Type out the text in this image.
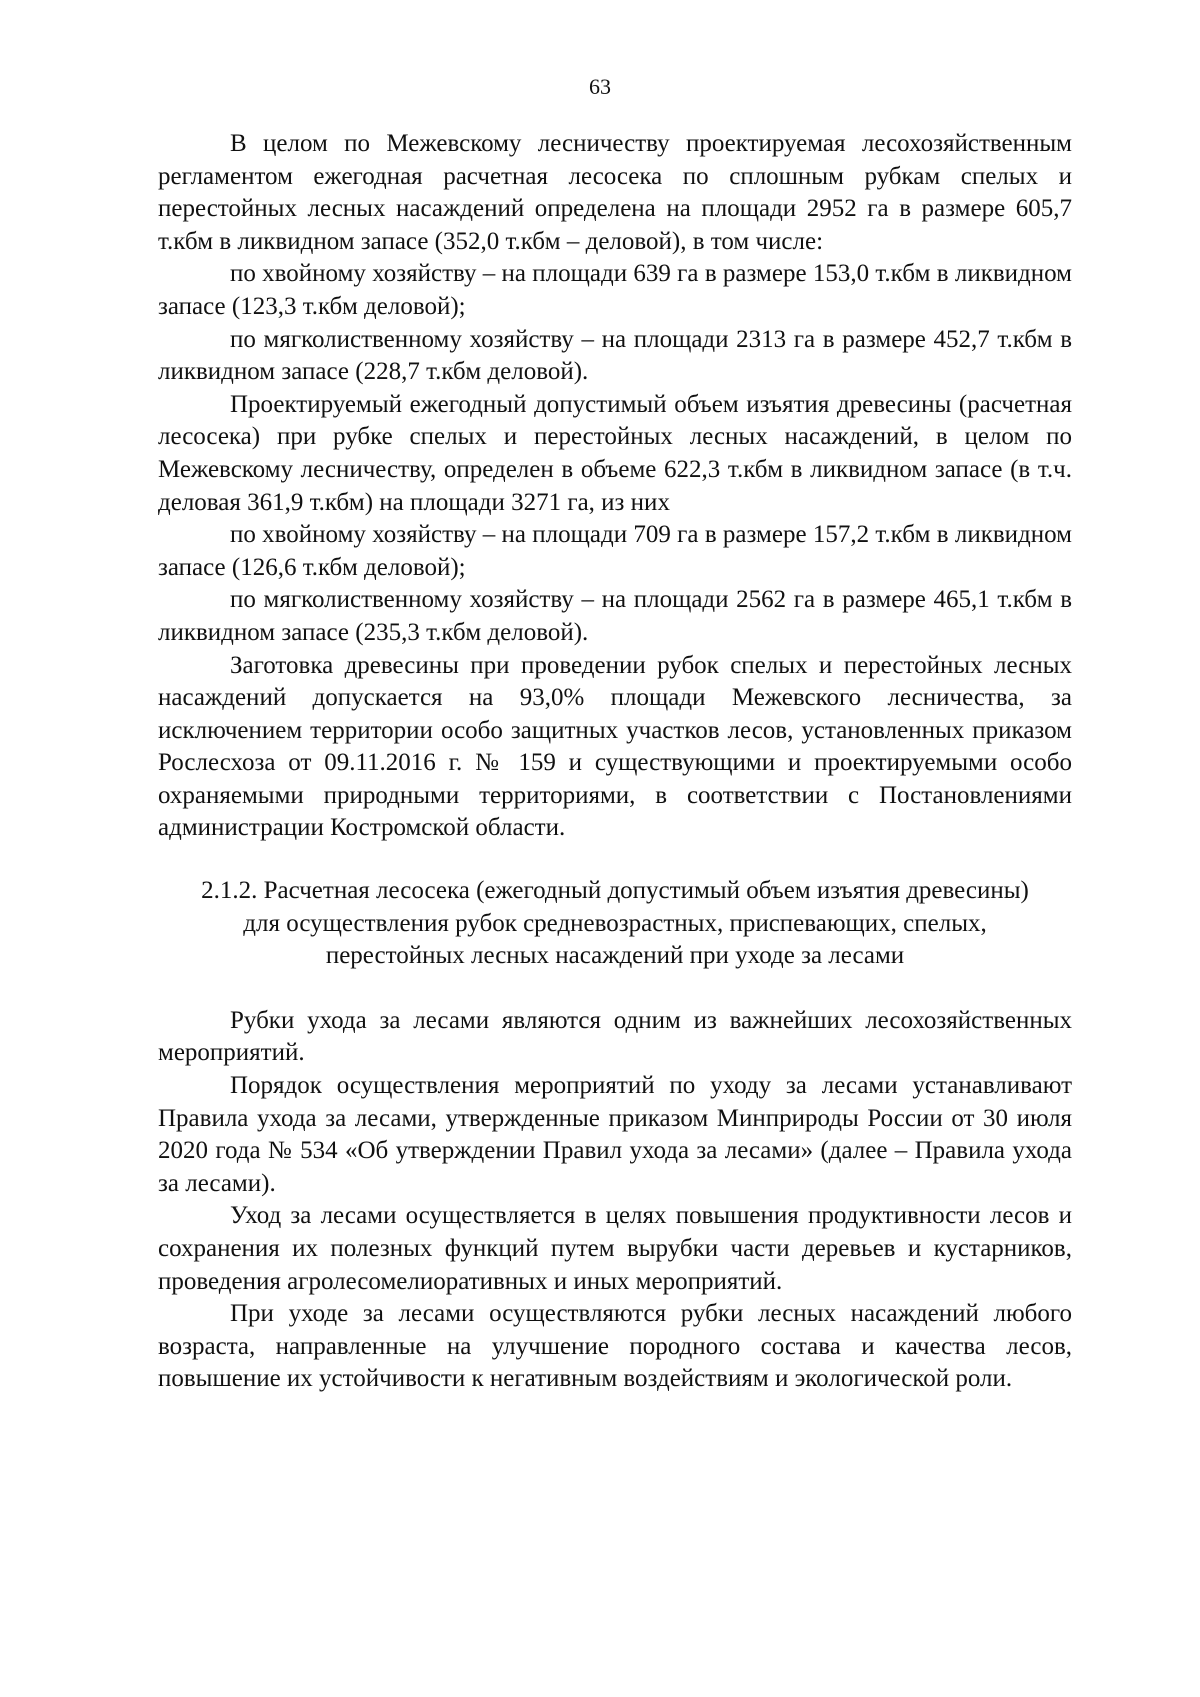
63

В целом по Межевскому лесничеству проектируемая лесохозяйственным регламентом ежегодная расчетная лесосека по сплошным рубкам спелых и перестойных лесных насаждений определена на площади 2952 га в размере 605,7 т.кбм в ликвидном запасе (352,0 т.кбм – деловой), в том числе:

по хвойному хозяйству – на площади 639 га в размере 153,0 т.кбм в ликвидном запасе (123,3 т.кбм деловой);

по мягколиственному хозяйству – на площади 2313 га в размере 452,7 т.кбм в ликвидном запасе (228,7 т.кбм деловой).

Проектируемый ежегодный допустимый объем изъятия древесины (расчетная лесосека) при рубке спелых и перестойных лесных насаждений, в целом по Межевскому лесничеству, определен в объеме 622,3 т.кбм в ликвидном запасе (в т.ч. деловая 361,9 т.кбм) на площади 3271 га, из них

по хвойному хозяйству – на площади 709 га в размере 157,2 т.кбм в ликвидном запасе (126,6 т.кбм деловой);

по мягколиственному хозяйству – на площади 2562 га в размере 465,1 т.кбм в ликвидном запасе (235,3 т.кбм деловой).

Заготовка древесины при проведении рубок спелых и перестойных лесных насаждений допускается на 93,0% площади Межевского лесничества, за исключением территории особо защитных участков лесов, установленных приказом Рослесхоза от 09.11.2016 г. № 159 и существующими и проектируемыми особо охраняемыми природными территориями, в соответствии с Постановлениями администрации Костромской области.

2.1.2. Расчетная лесосека (ежегодный допустимый объем изъятия древесины) для осуществления рубок средневозрастных, приспевающих, спелых, перестойных лесных насаждений при уходе за лесами

Рубки ухода за лесами являются одним из важнейших лесохозяйственных мероприятий.

Порядок осуществления мероприятий по уходу за лесами устанавливают Правила ухода за лесами, утвержденные приказом Минприроды России от 30 июля 2020 года № 534 «Об утверждении Правил ухода за лесами» (далее – Правила ухода за лесами).

Уход за лесами осуществляется в целях повышения продуктивности лесов и сохранения их полезных функций путем вырубки части деревьев и кустарников, проведения агролесомелиоративных и иных мероприятий.

При уходе за лесами осуществляются рубки лесных насаждений любого возраста, направленные на улучшение породного состава и качества лесов, повышение их устойчивости к негативным воздействиям и экологической роли.
